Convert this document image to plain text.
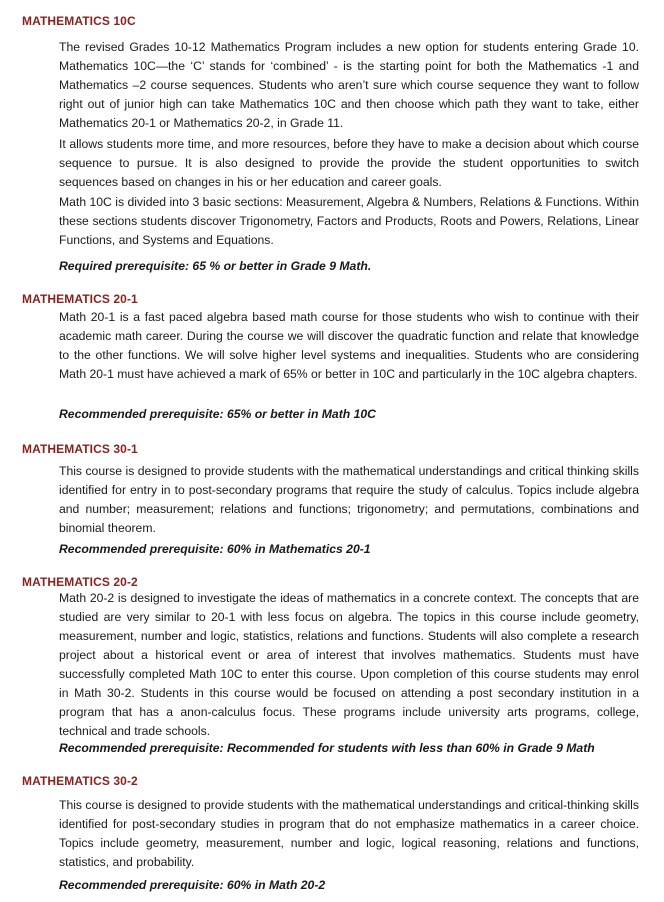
MATHEMATICS 10C

The revised Grades 10-12 Mathematics Program includes a new option for students entering Grade 10. Mathematics 10C—the ‘C’ stands for ‘combined’ - is the starting point for both the Mathematics -1 and Mathematics –2 course sequences. Students who aren’t sure which course sequence they want to follow right out of junior high can take Mathematics 10C and then choose which path they want to take, either Mathematics 20-1 or Mathematics 20-2, in Grade 11.

It allows students more time, and more resources, before they have to make a decision about which course sequence to pursue. It is also designed to provide the provide the student opportunities to switch sequences based on changes in his or her education and career goals.

Math 10C is divided into 3 basic sections: Measurement, Algebra & Numbers, Relations & Functions. Within these sections students discover Trigonometry, Factors and Products, Roots and Powers, Relations, Linear Functions, and Systems and Equations.

Required prerequisite: 65 % or better in Grade 9 Math.

MATHEMATICS 20-1

Math 20-1 is a fast paced algebra based math course for those students who wish to continue with their academic math career. During the course we will discover the quadratic function and relate that knowledge to the other functions. We will solve higher level systems and inequalities. Students who are considering Math 20-1 must have achieved a mark of 65% or better in 10C and particularly in the 10C algebra chapters.

Recommended prerequisite: 65% or better in Math 10C

MATHEMATICS 30-1

This course is designed to provide students with the mathematical understandings and critical thinking skills identified for entry in to post-secondary programs that require the study of calculus. Topics include algebra and number; measurement; relations and functions; trigonometry; and permutations, combinations and binomial theorem.

Recommended prerequisite: 60% in Mathematics 20-1

MATHEMATICS 20-2

Math 20-2 is designed to investigate the ideas of mathematics in a concrete context. The concepts that are studied are very similar to 20-1 with less focus on algebra. The topics in this course include geometry, measurement, number and logic, statistics, relations and functions. Students will also complete a research project about a historical event or area of interest that involves mathematics. Students must have successfully completed Math 10C to enter this course. Upon completion of this course students may enrol in Math 30-2. Students in this course would be focused on attending a post secondary institution in a program that has a anon-calculus focus. These programs include university arts programs, college, technical and trade schools.

Recommended prerequisite: Recommended for students with less than 60% in Grade 9 Math

MATHEMATICS 30-2

This course is designed to provide students with the mathematical understandings and critical-thinking skills identified for post-secondary studies in program that do not emphasize mathematics in a career choice. Topics include geometry, measurement, number and logic, logical reasoning, relations and functions, statistics, and probability.

Recommended prerequisite: 60% in Math 20-2
